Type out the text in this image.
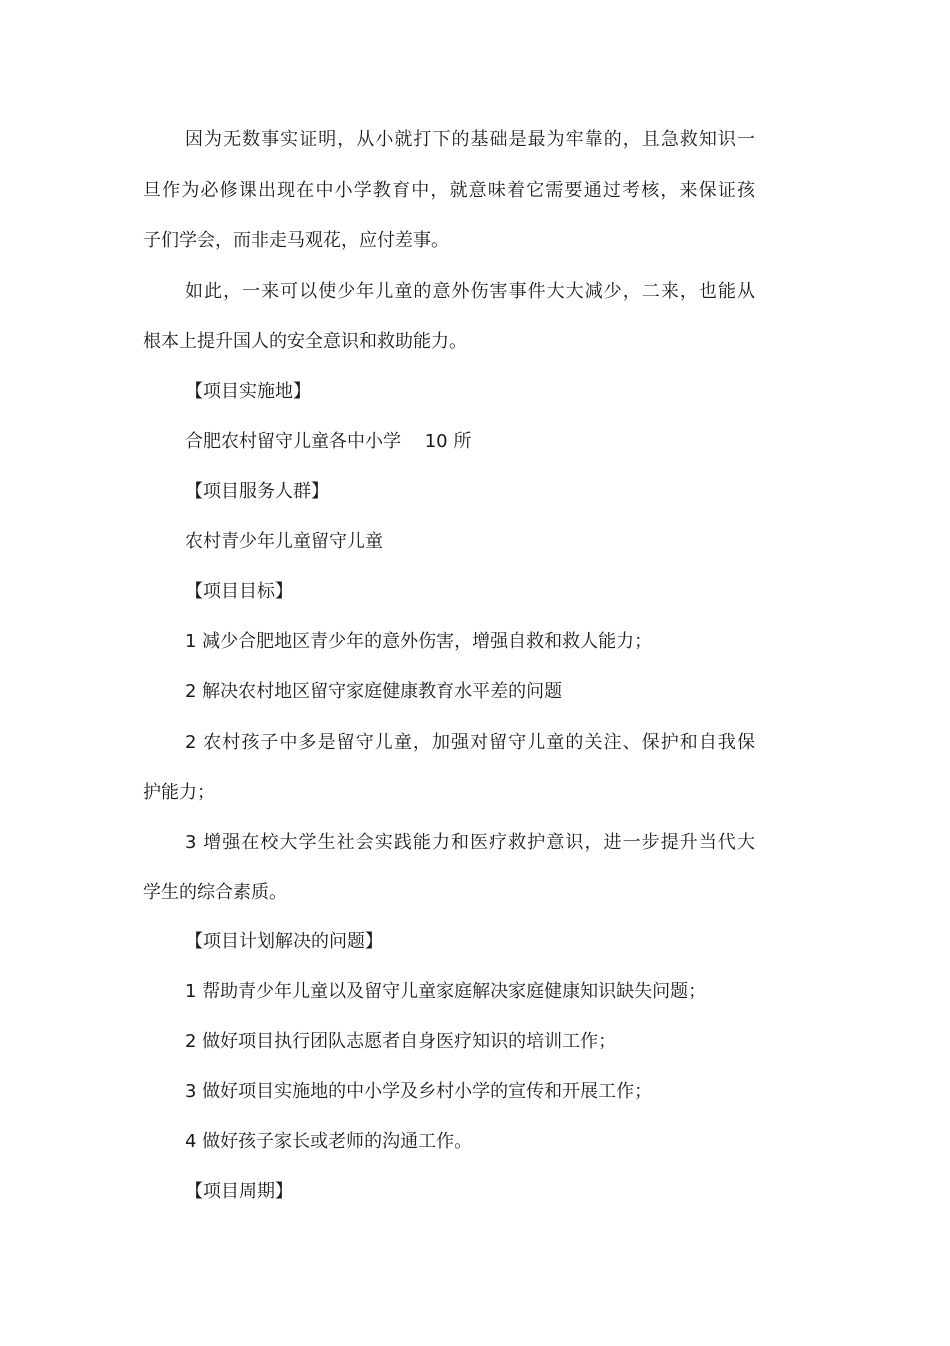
因为无数事实证明，从小就打下的基础是最为牢靠的，且急救知识一
旦作为必修课出现在中小学教育中，就意味着它需要通过考核，来保证孩
子们学会，而非走马观花，应付差事。
如此，一来可以使少年儿童的意外伤害事件大大减少，二来，也能从
根本上提升国人的安全意识和救助能力。
【项目实施地】
合肥农村留守儿童各中小学　 10 所
【项目服务人群】
农村青少年儿童留守儿童
【项目目标】
1 减少合肥地区青少年的意外伤害，增强自救和救人能力；
2 解决农村地区留守家庭健康教育水平差的问题
2 农村孩子中多是留守儿童，加强对留守儿童的关注、保护和自我保
护能力；
3 增强在校大学生社会实践能力和医疗救护意识，进一步提升当代大
学生的综合素质。
【项目计划解决的问题】
1 帮助青少年儿童以及留守儿童家庭解决家庭健康知识缺失问题；
2 做好项目执行团队志愿者自身医疗知识的培训工作；
3 做好项目实施地的中小学及乡村小学的宣传和开展工作；
4 做好孩子家长或老师的沟通工作。
【项目周期】
